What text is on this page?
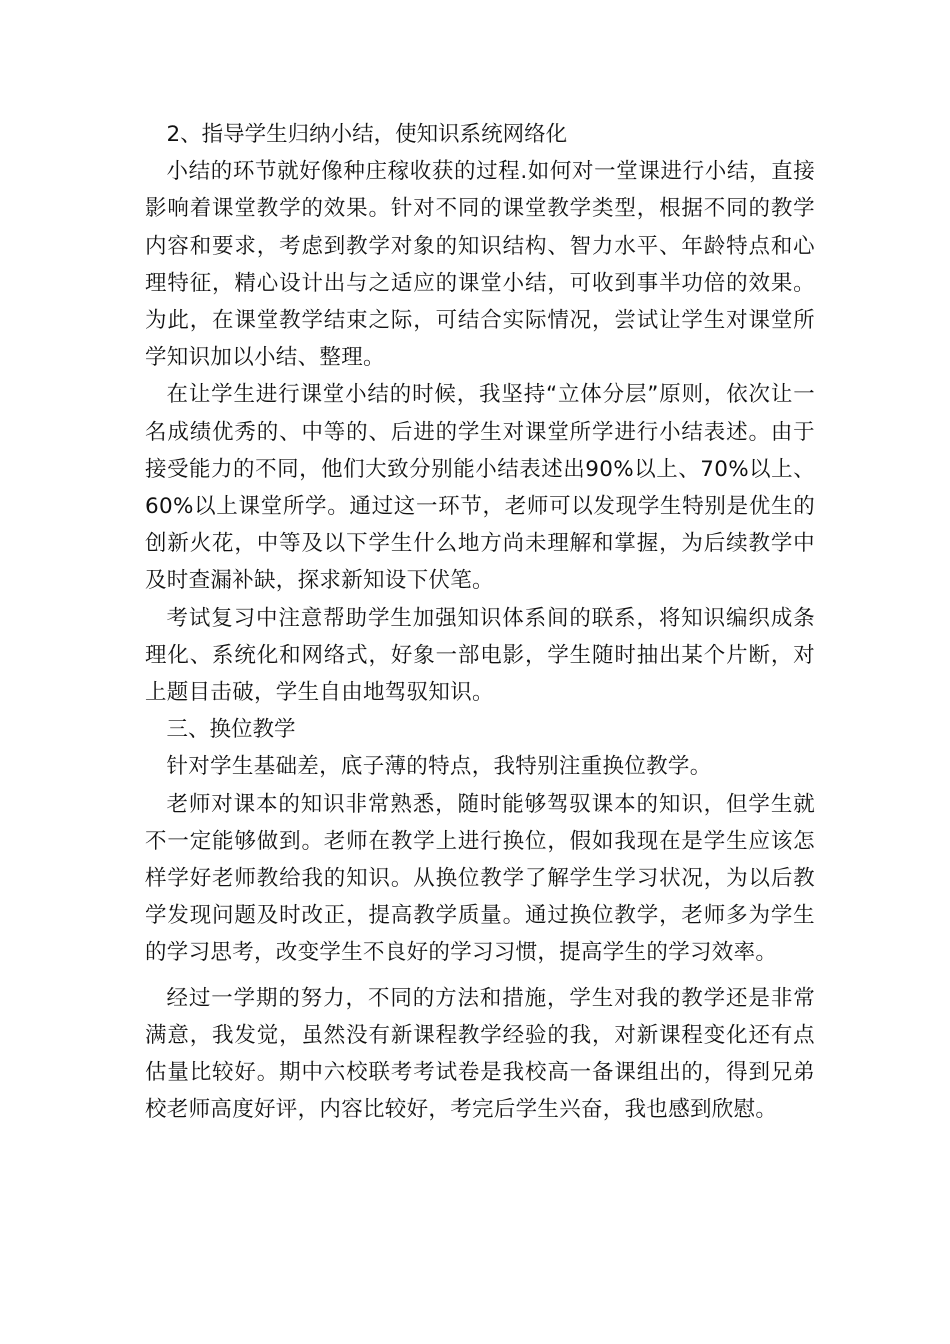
2、指导学生归纳小结，使知识系统网络化

小结的环节就好像种庄稼收获的过程.如何对一堂课进行小结，直接影响着课堂教学的效果。针对不同的课堂教学类型，根据不同的教学内容和要求，考虑到教学对象的知识结构、智力水平、年龄特点和心理特征，精心设计出与之适应的课堂小结，可收到事半功倍的效果。为此，在课堂教学结束之际，可结合实际情况，尝试让学生对课堂所学知识加以小结、整理。

在让学生进行课堂小结的时候，我坚持“立体分层”原则，依次让一名成绩优秀的、中等的、后进的学生对课堂所学进行小结表述。由于接受能力的不同，他们大致分别能小结表述出90%以上、70%以上、60%以上课堂所学。通过这一环节，老师可以发现学生特别是优生的创新火花，中等及以下学生什么地方尚未理解和掌握，为后续教学中及时查漏补缺，探求新知设下伏笔。

考试复习中注意帮助学生加强知识体系间的联系，将知识编织成条理化、系统化和网络式，好象一部电影，学生随时抽出某个片断，对上题目击破，学生自由地驾驭知识。

三、换位教学

针对学生基础差，底子薄的特点，我特别注重换位教学。

老师对课本的知识非常熟悉，随时能够驾驭课本的知识，但学生就不一定能够做到。老师在教学上进行换位，假如我现在是学生应该怎样学好老师教给我的知识。从换位教学了解学生学习状况，为以后教学发现问题及时改正，提高教学质量。通过换位教学，老师多为学生的学习思考，改变学生不良好的学习习惯，提高学生的学习效率。

经过一学期的努力，不同的方法和措施，学生对我的教学还是非常满意，我发觉，虽然没有新课程教学经验的我，对新课程变化还有点估量比较好。期中六校联考考试卷是我校高一备课组出的，得到兄弟校老师高度好评，内容比较好，考完后学生兴奋，我也感到欣慰。
